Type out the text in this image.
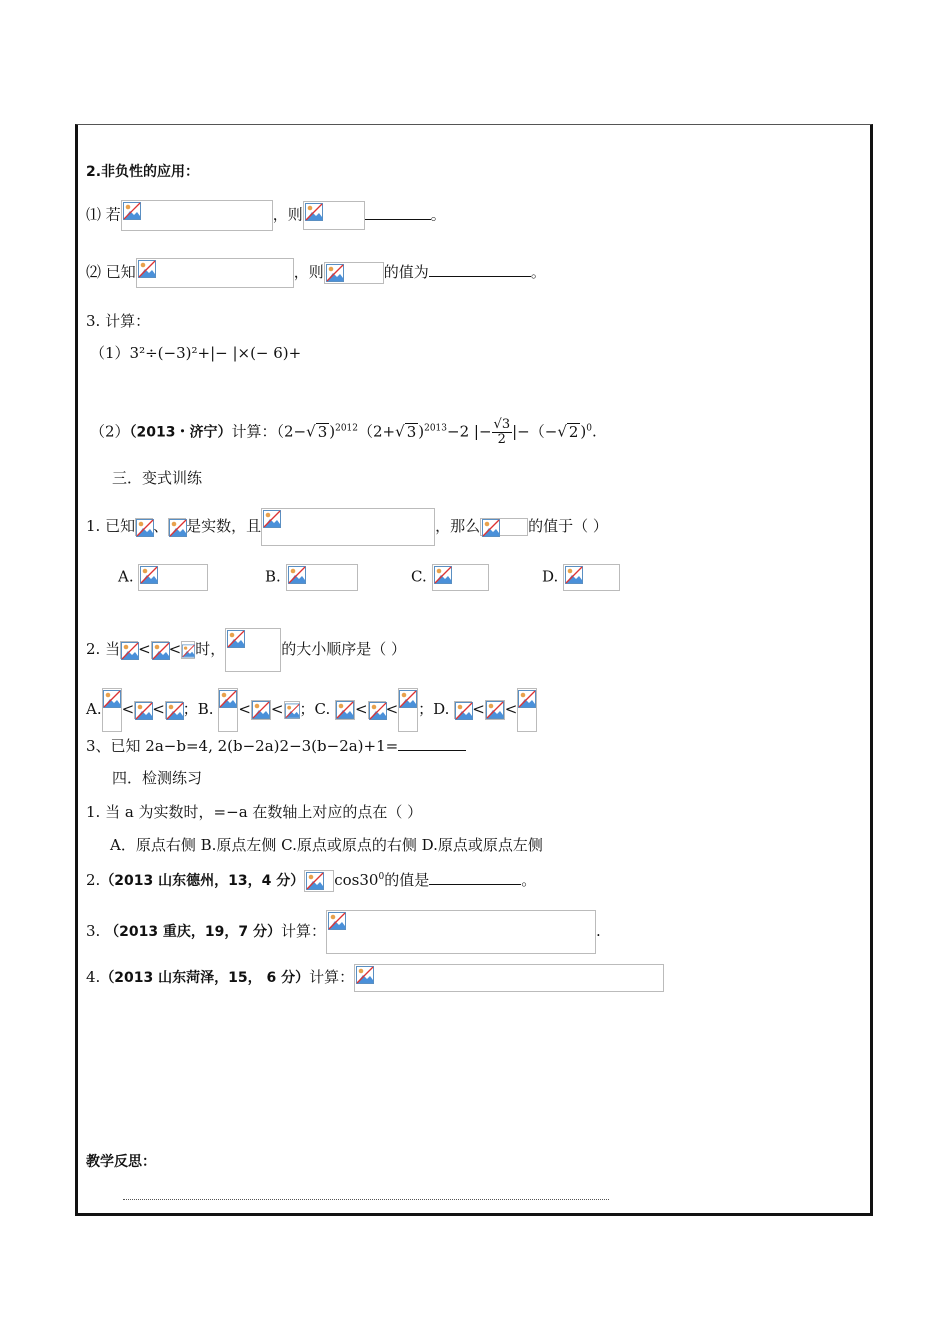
2.非负性的应用：
⑴ 若	，则	。
⑵ 已知	，则	的值为	。
3. 计算：
（1）3²÷(−3)²+|− |×(− 6)+
（2）（2013・济宁）计算：（2−√ 3 )$^{2012}$（2+√ 3 )$^{2013}$−2 |− $\frac{√3}{2}$ |−（−√ 2 )$^0$.
三．变式训练
1. 已知 、 是实数，且	，那么	的值于（ ）
A.	B.	C.	D.
2. 当 < < 时，	的大小顺序是（ ）
A. < < ；B. < < ；C. < < ；D. < <
3、已知 2a−b=4, 2(b−2a)2−3(b−2a)+1=
四．检测练习
1. 当 a 为实数时，=−a 在数轴上对应的点在（ ）
A．原点右侧 B.原点左侧 C.原点或原点的右侧 D.原点或原点左侧
2.（2013 山东德州，13，4 分） $\cos 30^0$的值是	。
3. （2013 重庆，19，7 分）计算：	.
4.（2013 山东菏泽，15， 6 分）计算：
教学反思：
